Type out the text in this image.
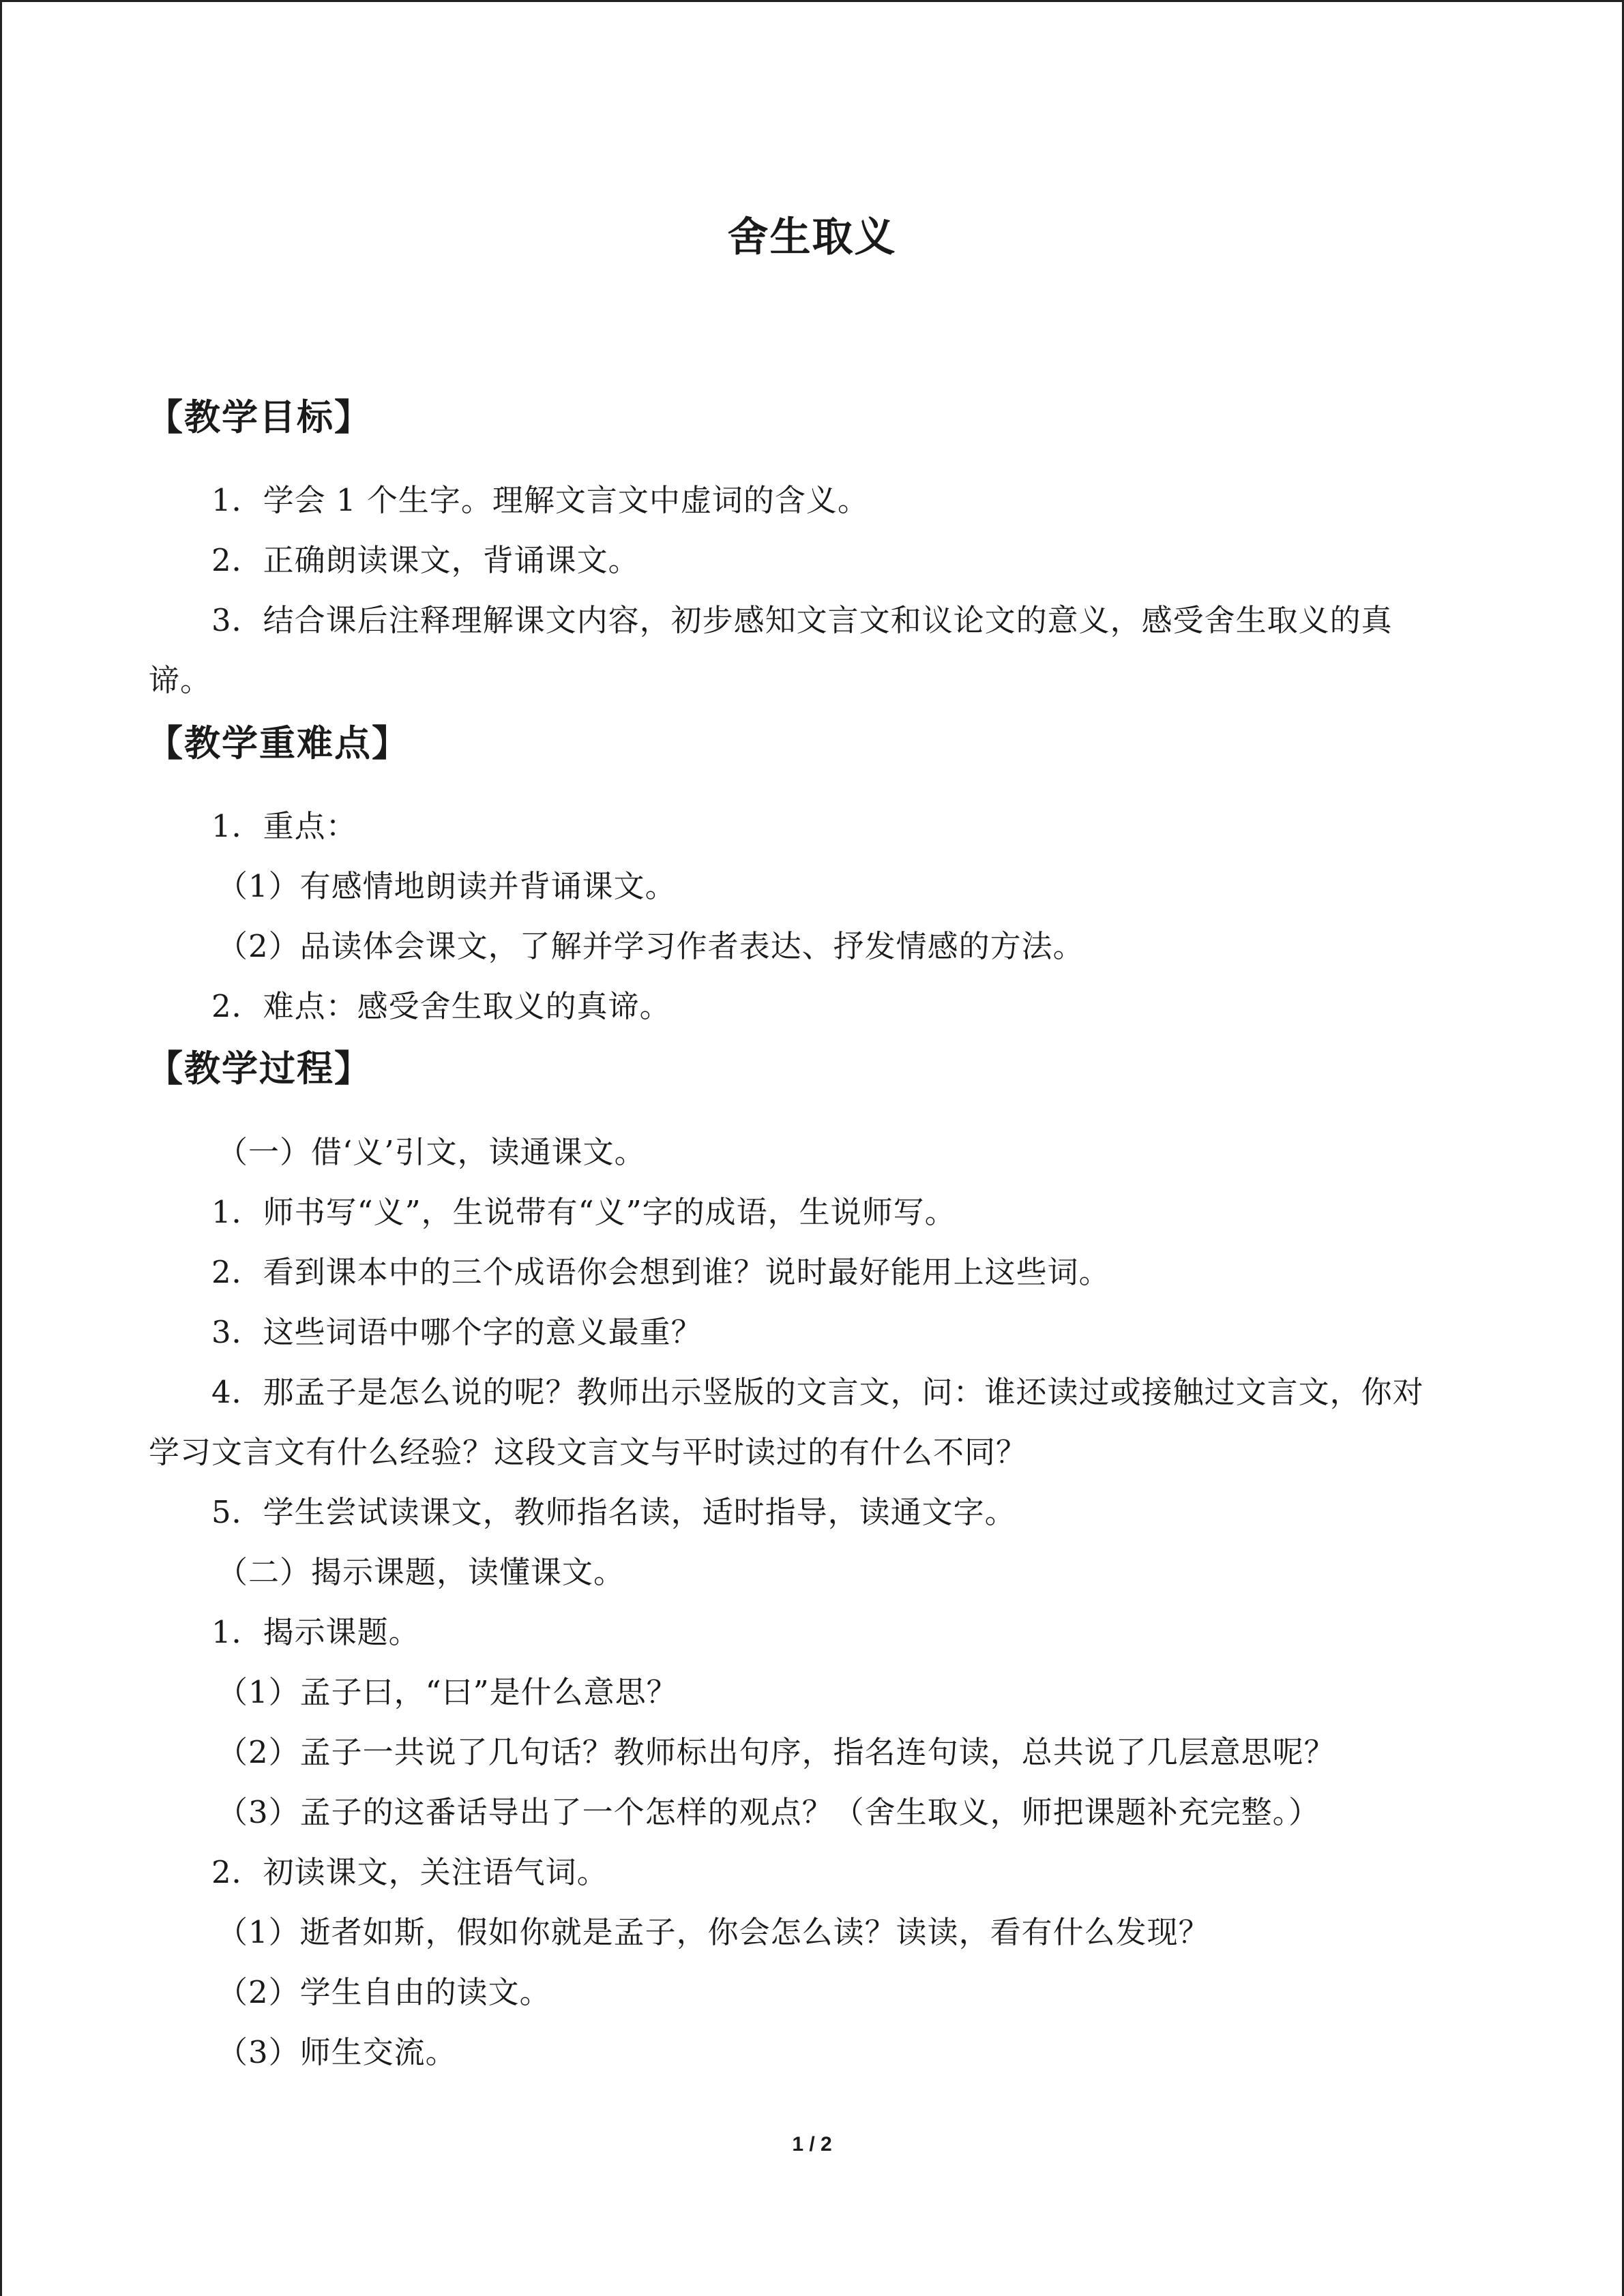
舍生取义
【教学目标】
1．学会 1 个生字。理解文言文中虚词的含义。
2．正确朗读课文，背诵课文。
3．结合课后注释理解课文内容，初步感知文言文和议论文的意义，感受舍生取义的真
谛。
【教学重难点】
1．重点：
（1）有感情地朗读并背诵课文。
（2）品读体会课文，了解并学习作者表达、抒发情感的方法。
2．难点：感受舍生取义的真谛。
【教学过程】
（一）借‘义’引文，读通课文。
1．师书写“义”，生说带有“义”字的成语，生说师写。
2．看到课本中的三个成语你会想到谁？说时最好能用上这些词。
3．这些词语中哪个字的意义最重？
4．那孟子是怎么说的呢？教师出示竖版的文言文，问：谁还读过或接触过文言文，你对
学习文言文有什么经验？这段文言文与平时读过的有什么不同？
5．学生尝试读课文，教师指名读，适时指导，读通文字。
（二）揭示课题，读懂课文。
1．揭示课题。
（1）孟子曰，“曰”是什么意思？
（2）孟子一共说了几句话？教师标出句序，指名连句读，总共说了几层意思呢？
（3）孟子的这番话导出了一个怎样的观点？（舍生取义，师把课题补充完整。）
2．初读课文，关注语气词。
（1）逝者如斯，假如你就是孟子，你会怎么读？读读，看有什么发现？
（2）学生自由的读文。
（3）师生交流。
1 / 2
